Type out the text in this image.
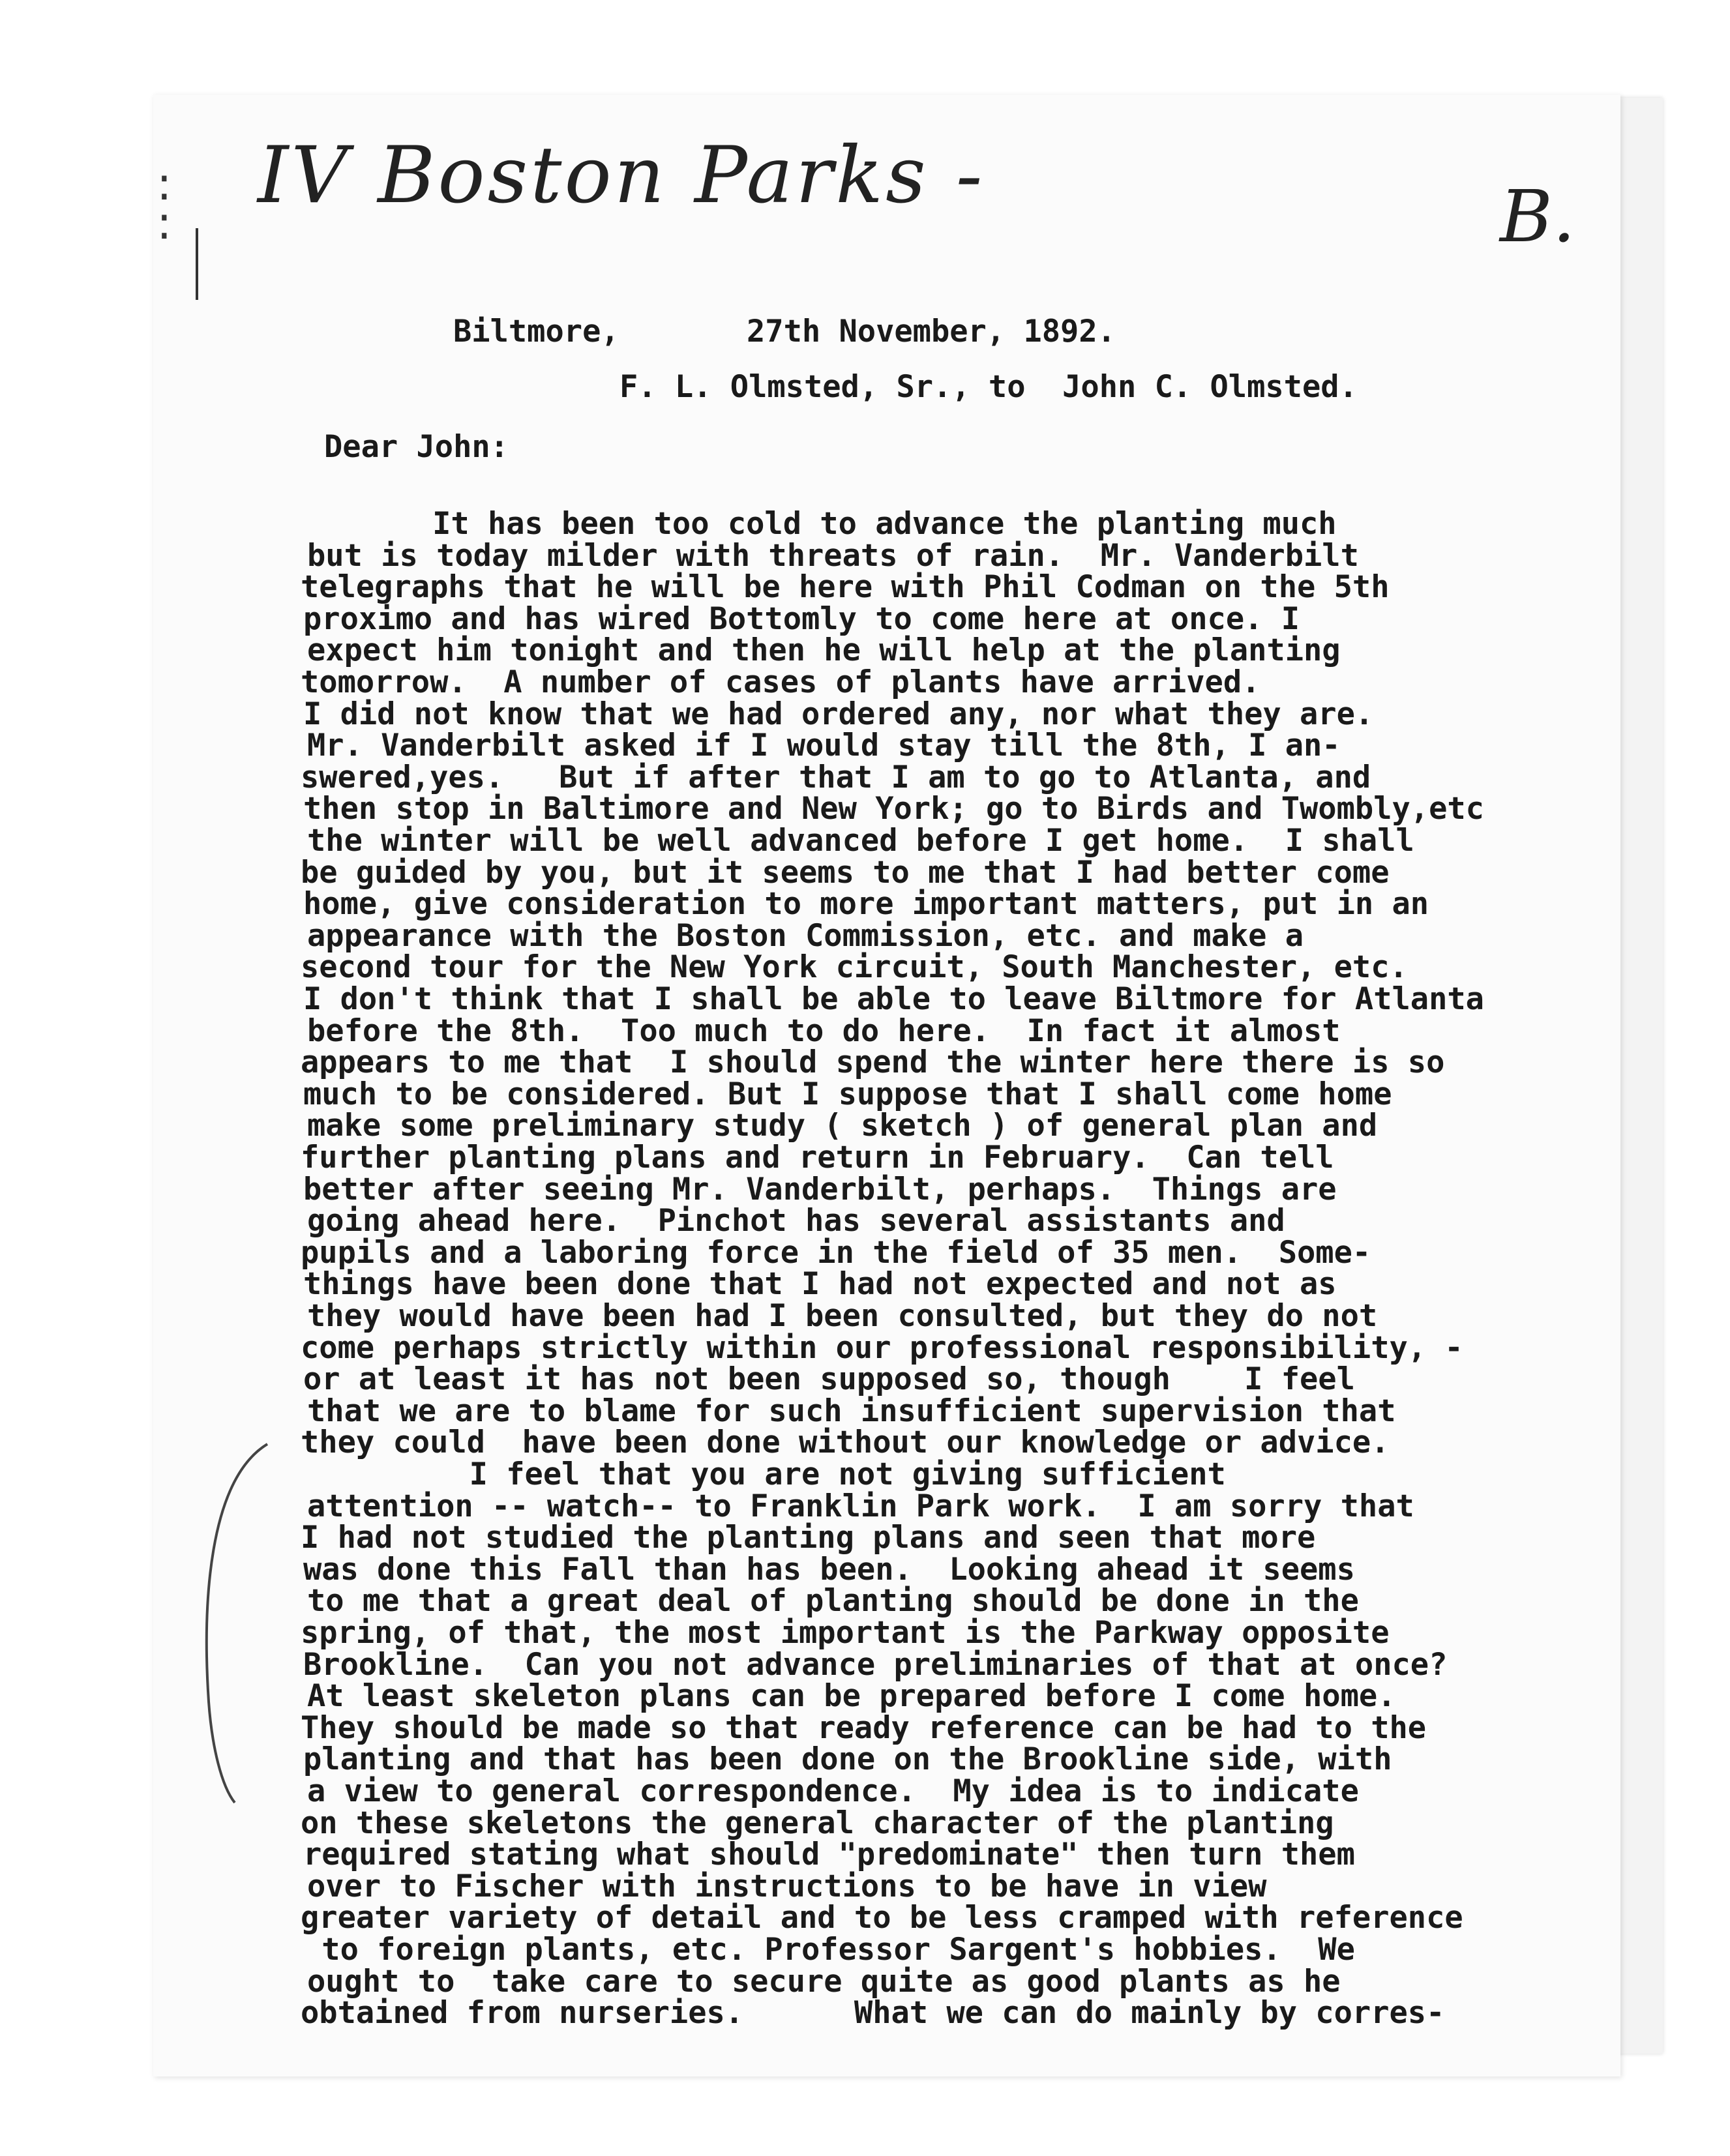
:
:
IV Boston Parks -	B.
Biltmore,	27th November, 1892.
F. L. Olmsted, Sr., to  John C. Olmsted.
Dear John:
It has been too cold to advance the planting much
but is today milder with threats of rain.  Mr. Vanderbilt
telegraphs that he will be here with Phil Codman on the 5th
proximo and has wired Bottomly to come here at once. I
expect him tonight and then he will help at the planting
tomorrow.  A number of cases of plants have arrived.
I did not know that we had ordered any, nor what they are.
Mr. Vanderbilt asked if I would stay till the 8th, I an-
swered,yes.   But if after that I am to go to Atlanta, and
then stop in Baltimore and New York; go to Birds and Twombly,etc
the winter will be well advanced before I get home.  I shall
be guided by you, but it seems to me that I had better come
home, give consideration to more important matters, put in an
appearance with the Boston Commission, etc. and make a
second tour for the New York circuit, South Manchester, etc.
I don't think that I shall be able to leave Biltmore for Atlanta
before the 8th.  Too much to do here.  In fact it almost
appears to me that  I should spend the winter here there is so
much to be considered. But I suppose that I shall come home
make some preliminary study ( sketch ) of general plan and
further planting plans and return in February.  Can tell
better after seeing Mr. Vanderbilt, perhaps.  Things are
going ahead here.  Pinchot has several assistants and
pupils and a laboring force in the field of 35 men.  Some-
things have been done that I had not expected and not as
they would have been had I been consulted, but they do not
come perhaps strictly within our professional responsibility, -
or at least it has not been supposed so, though    I feel
that we are to blame for such insufficient supervision that
they could  have been done without our knowledge or advice.
I feel that you are not giving sufficient
attention -- watch-- to Franklin Park work.  I am sorry that
I had not studied the planting plans and seen that more
was done this Fall than has been.  Looking ahead it seems
to me that a great deal of planting should be done in the
spring, of that, the most important is the Parkway opposite
Brookline.  Can you not advance preliminaries of that at once?
At least skeleton plans can be prepared before I come home.
They should be made so that ready reference can be had to the
planting and that has been done on the Brookline side, with
a view to general correspondence.  My idea is to indicate
on these skeletons the general character of the planting
required stating what should "predominate" then turn them
over to Fischer with instructions to be have in view
greater variety of detail and to be less cramped with reference
to foreign plants, etc. Professor Sargent's hobbies.  We
ought to  take care to secure quite as good plants as he
obtained from nurseries.      What we can do mainly by corres-
